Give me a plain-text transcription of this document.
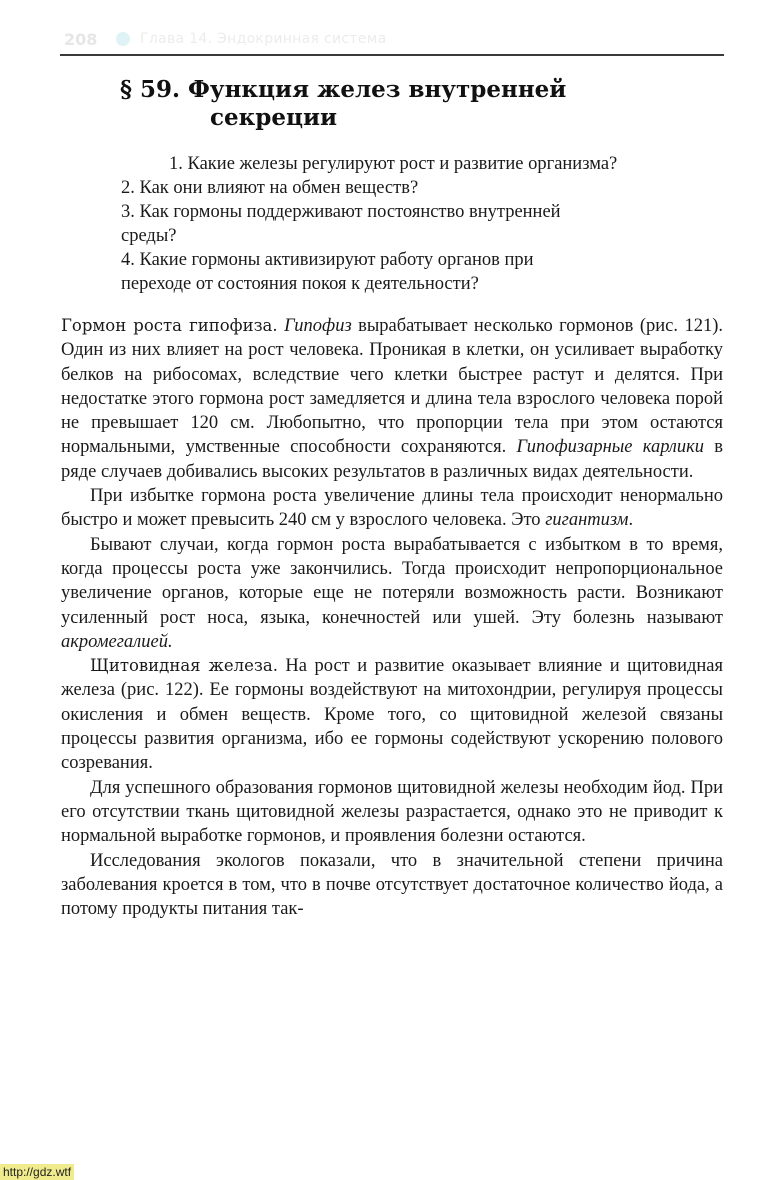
208	Глава 14. Эндокринная система
§ 59. Функция желез внутренней
секреции
1. Какие железы регулируют рост и развитие организма?
2. Как они влияют на обмен веществ?
3. Как гормоны поддерживают постоянство внутренней
среды?
4. Какие гормоны активизируют работу органов при
переходе от состояния покоя к деятельности?

Гормон роста гипофиза. Гипофиз вырабатывает несколько гормонов (рис. 121). Один из них влияет на рост человека. Проникая в клетки, он усиливает выработку белков на рибосомах, вследствие чего клетки быстрее растут и делятся. При недостатке этого гормона рост замедляется и длина тела взрослого человека порой не превышает 120 см. Любопытно, что пропорции тела при этом остаются нормальными, умственные способности сохраняются. Гипофизарные карлики в ряде случаев добивались высоких результатов в различных видах деятельности.

При избытке гормона роста увеличение длины тела происходит ненормально быстро и может превысить 240 см у взрослого человека. Это гигантизм.

Бывают случаи, когда гормон роста вырабатывается с избытком в то время, когда процессы роста уже закончились. Тогда происходит непропорциональное увеличение органов, которые еще не потеряли возможность расти. Возникают усиленный рост носа, языка, конечностей или ушей. Эту болезнь называют акромегалией.

Щитовидная железа. На рост и развитие оказывает влияние и щитовидная железа (рис. 122). Ее гормоны воздействуют на митохондрии, регулируя процессы окисления и обмен веществ. Кроме того, со щитовидной железой связаны процессы развития организма, ибо ее гормоны содействуют ускорению полового созревания.

Для успешного образования гормонов щитовидной железы необходим йод. При его отсутствии ткань щитовидной железы разрастается, однако это не приводит к нормальной выработке гормонов, и проявления болезни остаются.

Исследования экологов показали, что в значительной степени причина заболевания кроется в том, что в почве отсутствует достаточное количество йода, а потому продукты питания так-

http://gdz.wtf
